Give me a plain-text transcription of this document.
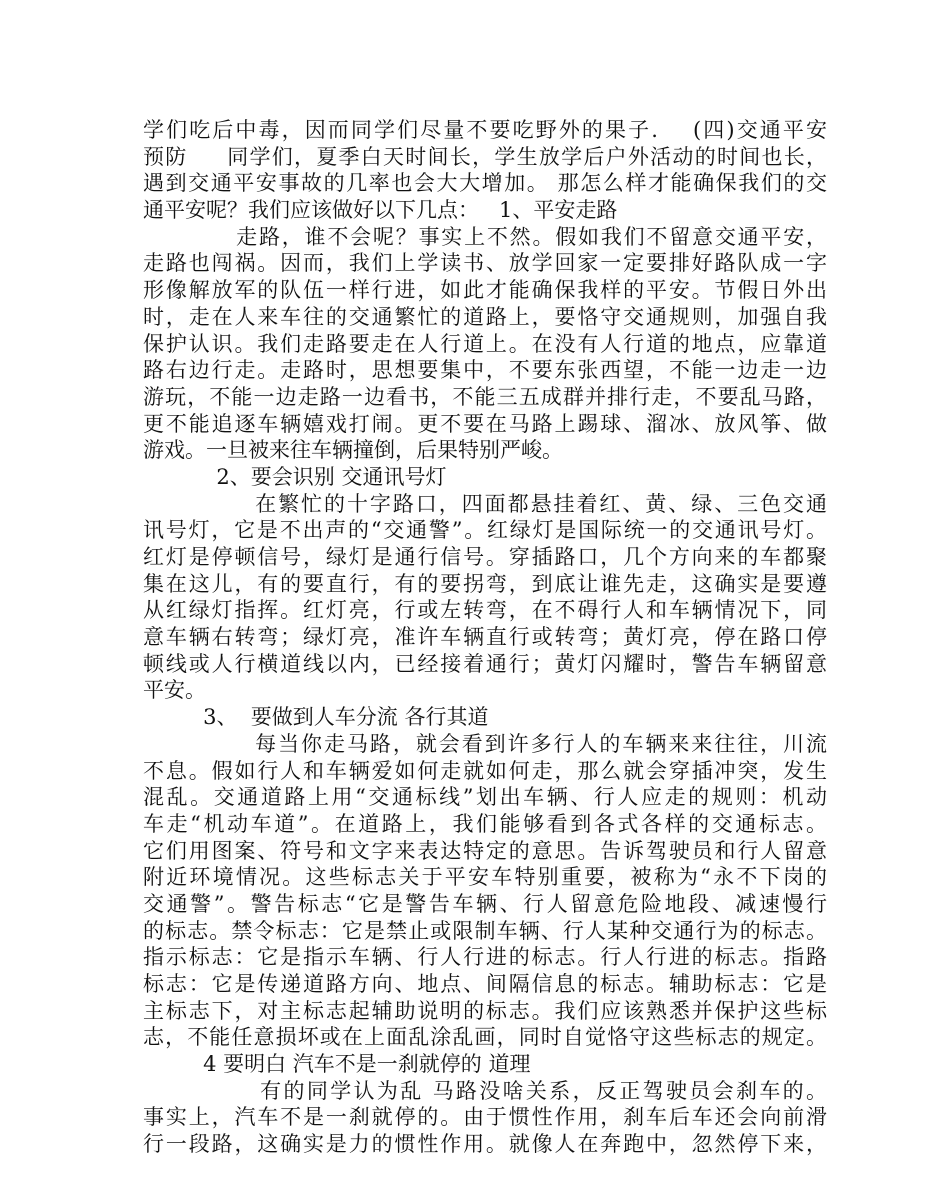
学们吃后中毒，因而同学们尽量不要吃野外的果子.    (四)交通平安
预防     同学们，夏季白天时间长，学生放学后户外活动的时间也长，
遇到交通平安事故的几率也会大大增加。 那怎么样才能确保我们的交
通平安呢？我们应该做好以下几点：   1、平安走路
走路，谁不会呢？事实上不然。假如我们不留意交通平安，
走路也闯祸。因而，我们上学读书、放学回家一定要排好路队成一字
形像解放军的队伍一样行进，如此才能确保我样的平安。节假日外出
时，走在人来车往的交通繁忙的道路上，要恪守交通规则，加强自我
保护认识。我们走路要走在人行道上。在没有人行道的地点，应靠道
路右边行走。走路时，思想要集中，不要东张西望，不能一边走一边
游玩，不能一边走路一边看书，不能三五成群并排行走，不要乱马路，
更不能追逐车辆嬉戏打闹。更不要在马路上踢球、溜冰、放风筝、做
游戏。一旦被来往车辆撞倒，后果特别严峻。
2、要会识别 交通讯号灯
在繁忙的十字路口，四面都悬挂着红、黄、绿、三色交通
讯号灯，它是不出声的“交通警”。红绿灯是国际统一的交通讯号灯。
红灯是停顿信号，绿灯是通行信号。穿插路口，几个方向来的车都聚
集在这儿，有的要直行，有的要拐弯，到底让谁先走，这确实是要遵
从红绿灯指挥。红灯亮，行或左转弯，在不碍行人和车辆情况下，同
意车辆右转弯；绿灯亮，准许车辆直行或转弯；黄灯亮，停在路口停
顿线或人行横道线以内，已经接着通行；黄灯闪耀时，警告车辆留意
平安。
3、  要做到人车分流 各行其道
每当你走马路，就会看到许多行人的车辆来来往往，川流
不息。假如行人和车辆爱如何走就如何走，那么就会穿插冲突，发生
混乱。交通道路上用“交通标线”划出车辆、行人应走的规则：机动
车走“机动车道”。在道路上，我们能够看到各式各样的交通标志。
它们用图案、符号和文字来表达特定的意思。告诉驾驶员和行人留意
附近环境情况。这些标志关于平安车特别重要，被称为“永不下岗的
交通警”。警告标志“它是警告车辆、行人留意危险地段、减速慢行
的标志。禁令标志：它是禁止或限制车辆、行人某种交通行为的标志。
指示标志：它是指示车辆、行人行进的标志。行人行进的标志。指路
标志：它是传递道路方向、地点、间隔信息的标志。辅助标志：它是
主标志下，对主标志起辅助说明的标志。我们应该熟悉并保护这些标
志，不能任意损坏或在上面乱涂乱画，同时自觉恪守这些标志的规定。
4 要明白 汽车不是一刹就停的 道理
有的同学认为乱 马路没啥关系，反正驾驶员会刹车的。
事实上，汽车不是一刹就停的。由于惯性作用，刹车后车还会向前滑
行一段路，这确实是力的惯性作用。就像人在奔跑中，忽然停下来，
